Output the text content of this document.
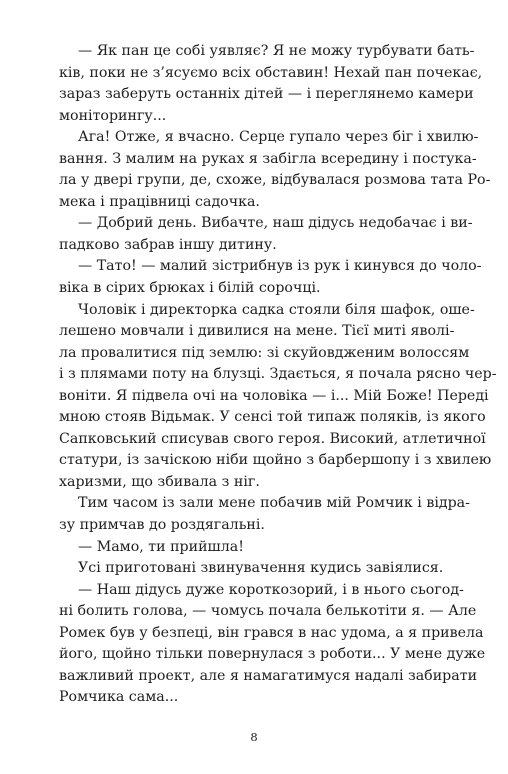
— Як пан це собі уявляє? Я не можу турбувати бать-
ків, поки не з’ясуємо всіх обставин! Нехай пан почекає,
зараз заберуть останніх дітей — і переглянемо камери
моніторингу...
Ага! Отже, я вчасно. Серце гупало через біг і хвилю-
вання. З малим на руках я забігла всередину і постука-
ла у двері групи, де, схоже, відбувалася розмова тата Ро-
мека і працівниці садочка.
— Добрий день. Вибачте, наш дідусь недобачає і ви-
падково забрав іншу дитину.
— Тато! — малий зістрибнув із рук і кинувся до чоло-
віка в сірих брюках і білій сорочці.
Чоловік і директорка садка стояли біля шафок, оше-
лешено мовчали і дивилися на мене. Тієї миті яволі-
ла провалитися під землю: зі скуйовдженим волоссям
і з плямами поту на блузці. Здається, я почала рясно чер-
воніти. Я підвела очі на чоловіка — і... Мій Боже! Переді
мною стояв Відьмак. У сенсі той типаж поляків, із якого
Сапковський списував свого героя. Високий, атлетичної
статури, із зачіскою ніби щойно з барбершопу і з хвилею
харизми, що збивала з ніг.
Тим часом із зали мене побачив мій Ромчик і відра-
зу примчав до роздягальні.
— Мамо, ти прийшла!
Усі приготовані звинувачення кудись завіялися.
— Наш дідусь дуже короткозорий, і в нього сьогод-
ні болить голова, — чомусь почала белькотіти я. — Але
Ромек був у безпеці, він грався в нас удома, а я привела
його, щойно тільки повернулася з роботи... У мене дуже
важливий проект, але я намагатимуся надалі забирати
Ромчика сама...
8
